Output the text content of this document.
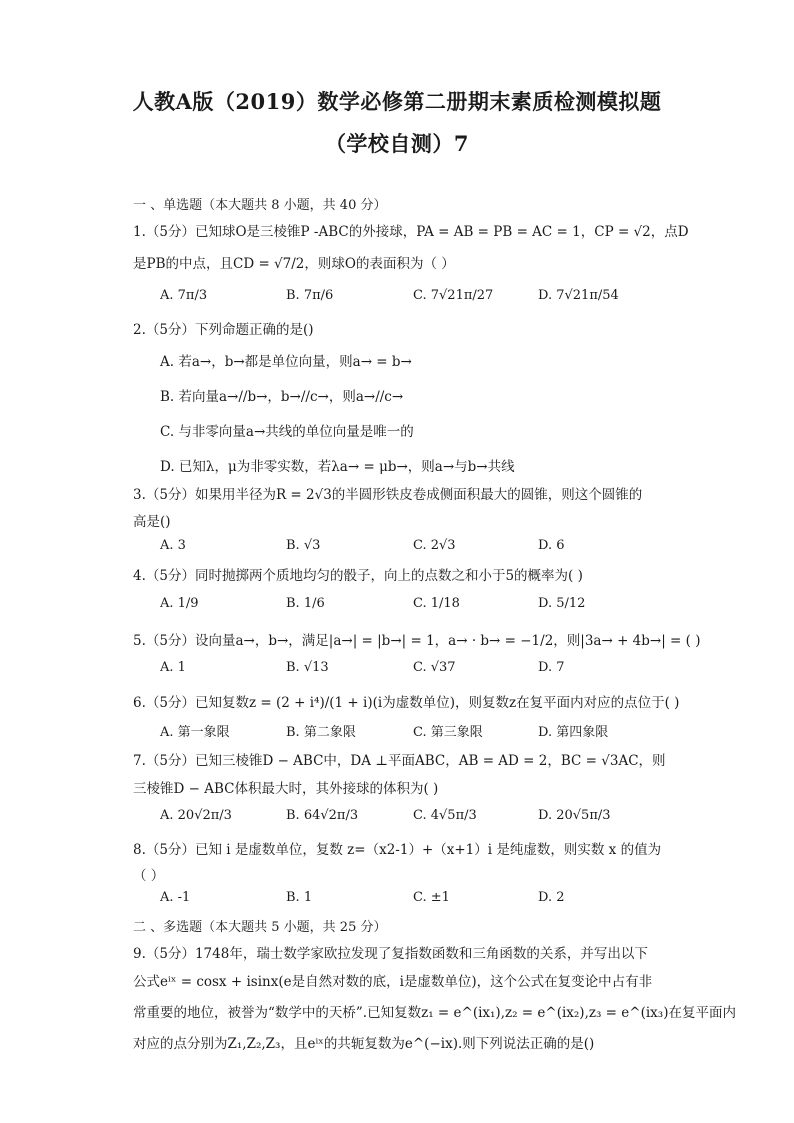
人教A版（2019）数学必修第二册期末素质检测模拟题
（学校自测）7
一 、单选题（本大题共 8 小题，共 40 分）
1.（5分）已知球O是三棱锥P -ABC的外接球，PA = AB = PB = AC = 1，CP = √2，点D
是PB的中点，且CD = √7/2，则球O的表面积为（ ）
A. 7π/3	B. 7π/6	C. 7√21π/27	D. 7√21π/54
2.（5分）下列命题正确的是()
A. 若a→，b→都是单位向量，则a→ = b→
B. 若向量a→//b→，b→//c→，则a→//c→
C. 与非零向量a→共线的单位向量是唯一的
D. 已知λ，μ为非零实数，若λa→ = μb→，则a→与b→共线
3.（5分）如果用半径为R = 2√3的半圆形铁皮卷成侧面积最大的圆锥，则这个圆锥的
高是()
A. 3	B. √3	C. 2√3	D. 6
4.（5分）同时抛掷两个质地均匀的骰子，向上的点数之和小于5的概率为( )
A. 1/9	B. 1/6	C. 1/18	D. 5/12
5.（5分）设向量a→，b→，满足|a→| = |b→| = 1，a→ · b→ = −1/2，则|3a→ + 4b→| = ( )
A. 1	B. √13	C. √37	D. 7
6.（5分）已知复数z = (2 + i⁴)/(1 + i)(i为虚数单位)，则复数z在复平面内对应的点位于( )
A. 第一象限	B. 第二象限	C. 第三象限	D. 第四象限
7.（5分）已知三棱锥D − ABC中，DA ⊥平面ABC，AB = AD = 2，BC = √3AC，则
三棱锥D − ABC体积最大时，其外接球的体积为( )
A. 20√2π/3	B. 64√2π/3	C. 4√5π/3	D. 20√5π/3
8.（5分）已知 i 是虚数单位，复数 z=（x2-1）+（x+1）i 是纯虚数，则实数 x 的值为
（ ）
A. -1	B. 1	C. ±1	D. 2
二 、多选题（本大题共 5 小题，共 25 分）
9.（5分）1748年，瑞士数学家欧拉发现了复指数函数和三角函数的关系，并写出以下
公式eⁱˣ = cosx + isinx(e是自然对数的底，i是虚数单位)，这个公式在复变论中占有非
常重要的地位，被誉为“数学中的天桥”.已知复数z₁ = e^(ix₁),z₂ = e^(ix₂),z₃ = e^(ix₃)在复平面内
对应的点分别为Z₁,Z₂,Z₃，且eⁱˣ的共轭复数为e^(−ix).则下列说法正确的是()
